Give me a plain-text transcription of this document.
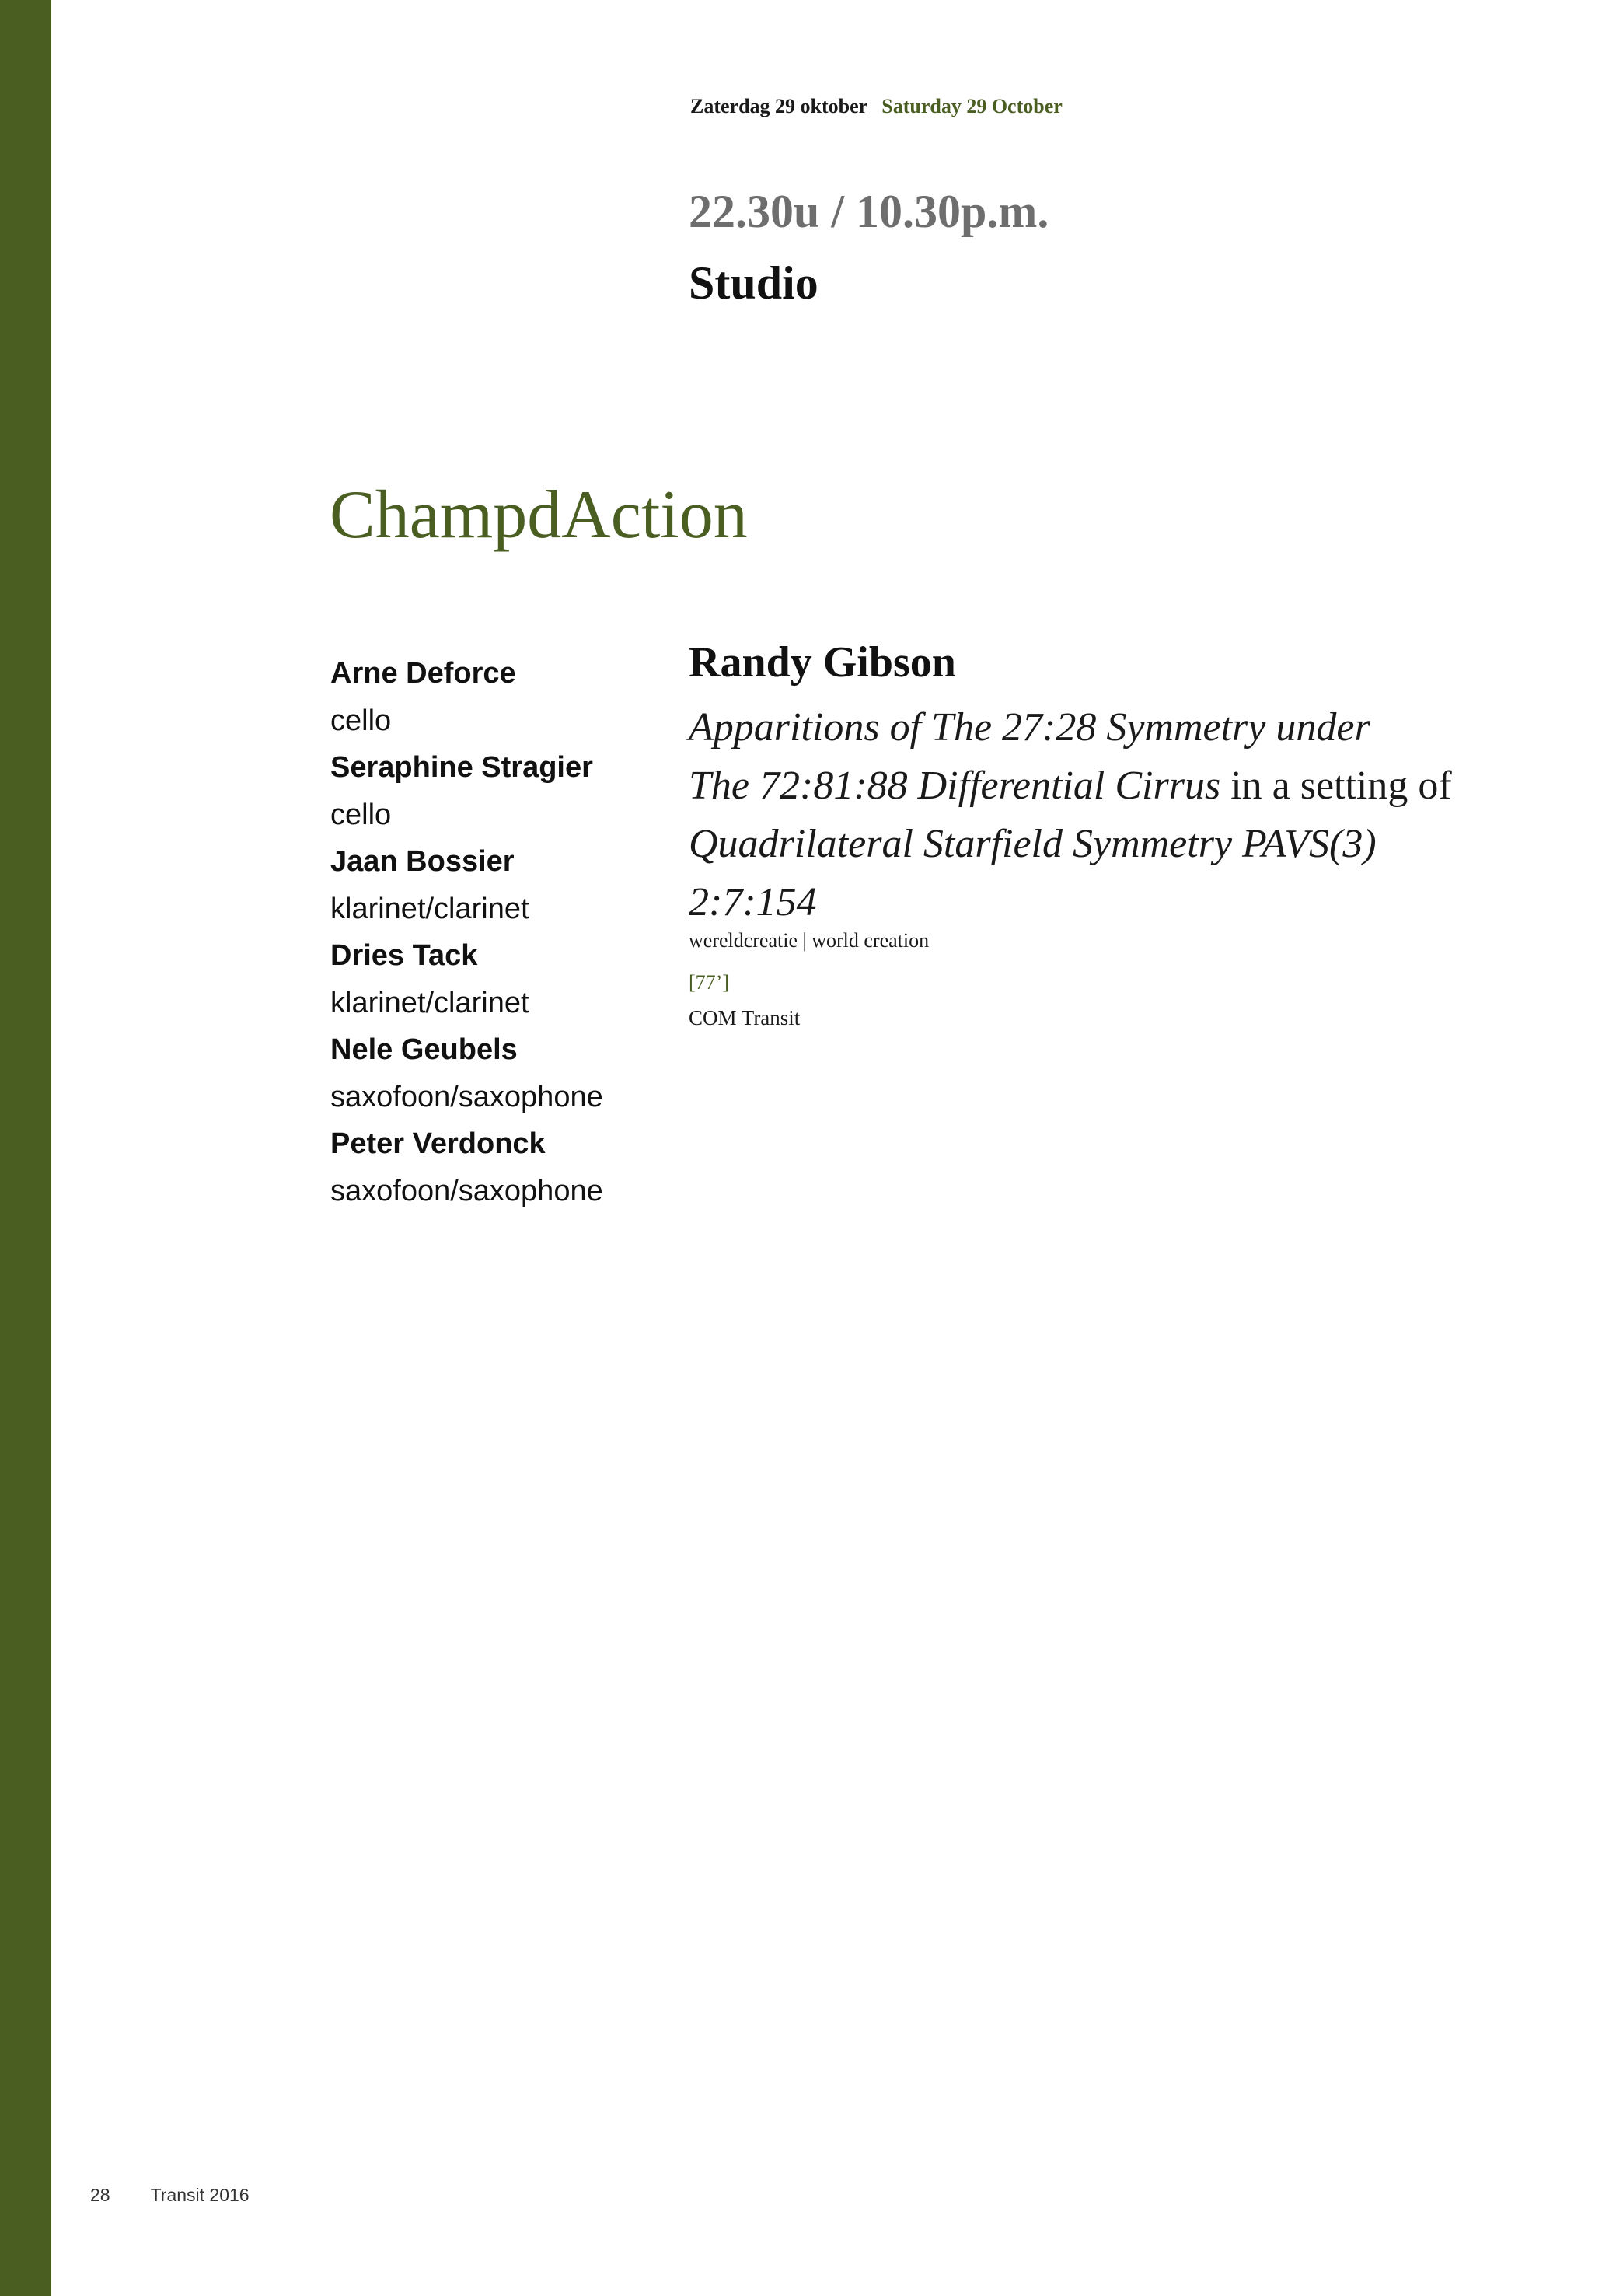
Zaterdag 29 oktober Saturday 29 October
22.30u / 10.30p.m.
Studio
ChampdAction
Arne Deforce
cello
Seraphine Stragier
cello
Jaan Bossier
klarinet/clarinet
Dries Tack
klarinet/clarinet
Nele Geubels
saxofoon/saxophone
Peter Verdonck
saxofoon/saxophone
Randy Gibson
Apparitions of The 27:28 Symmetry under
The 72:81:88 Differential Cirrus in a setting of
Quadrilateral Starfield Symmetry PAVS(3)
2:7:154
wereldcreatie | world creation
[77’]
COM Transit
28 Transit 2016
